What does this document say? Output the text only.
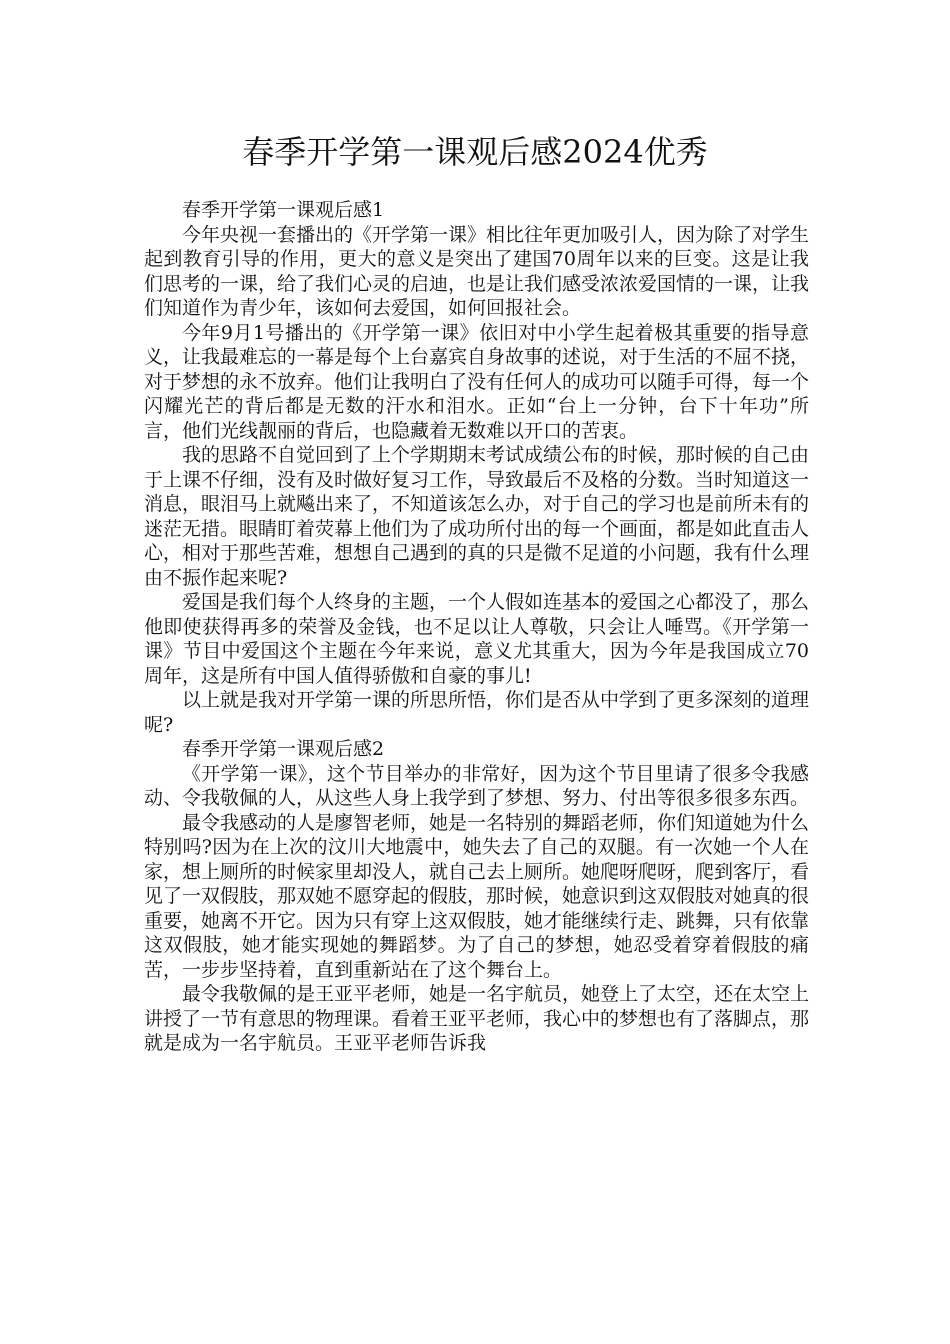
春季开学第一课观后感2024优秀

春季开学第一课观后感1

今年央视一套播出的《开学第一课》相比往年更加吸引人，因为除了对学生起到教育引导的作用，更大的意义是突出了建国70周年以来的巨变。这是让我们思考的一课，给了我们心灵的启迪，也是让我们感受浓浓爱国情的一课，让我们知道作为青少年，该如何去爱国，如何回报社会。

今年9月1号播出的《开学第一课》依旧对中小学生起着极其重要的指导意义，让我最难忘的一幕是每个上台嘉宾自身故事的述说，对于生活的不屈不挠，对于梦想的永不放弃。他们让我明白了没有任何人的成功可以随手可得，每一个闪耀光芒的背后都是无数的汗水和泪水。正如“台上一分钟，台下十年功”所言，他们光线靓丽的背后，也隐藏着无数难以开口的苦衷。

我的思路不自觉回到了上个学期期末考试成绩公布的时候，那时候的自己由于上课不仔细，没有及时做好复习工作，导致最后不及格的分数。当时知道这一消息，眼泪马上就飚出来了，不知道该怎么办，对于自己的学习也是前所未有的迷茫无措。眼睛盯着荧幕上他们为了成功所付出的每一个画面，都是如此直击人心，相对于那些苦难，想想自己遇到的真的只是微不足道的小问题，我有什么理由不振作起来呢?

爱国是我们每个人终身的主题，一个人假如连基本的爱国之心都没了，那么他即使获得再多的荣誉及金钱，也不足以让人尊敬，只会让人唾骂。《开学第一课》节目中爱国这个主题在今年来说，意义尤其重大，因为今年是我国成立70周年，这是所有中国人值得骄傲和自豪的事儿!

以上就是我对开学第一课的所思所悟，你们是否从中学到了更多深刻的道理呢?

春季开学第一课观后感2

《开学第一课》，这个节目举办的非常好，因为这个节目里请了很多令我感动、令我敬佩的人，从这些人身上我学到了梦想、努力、付出等很多很多东西。

最令我感动的人是廖智老师，她是一名特别的舞蹈老师，你们知道她为什么特别吗?因为在上次的汶川大地震中，她失去了自己的双腿。有一次她一个人在家，想上厕所的时候家里却没人，就自己去上厕所。她爬呀爬呀，爬到客厅，看见了一双假肢，那双她不愿穿起的假肢，那时候，她意识到这双假肢对她真的很重要，她离不开它。因为只有穿上这双假肢，她才能继续行走、跳舞，只有依靠这双假肢，她才能实现她的舞蹈梦。为了自己的梦想，她忍受着穿着假肢的痛苦，一步步坚持着，直到重新站在了这个舞台上。

最令我敬佩的是王亚平老师，她是一名宇航员，她登上了太空，还在太空上讲授了一节有意思的物理课。看着王亚平老师，我心中的梦想也有了落脚点，那就是成为一名宇航员。王亚平老师告诉我
